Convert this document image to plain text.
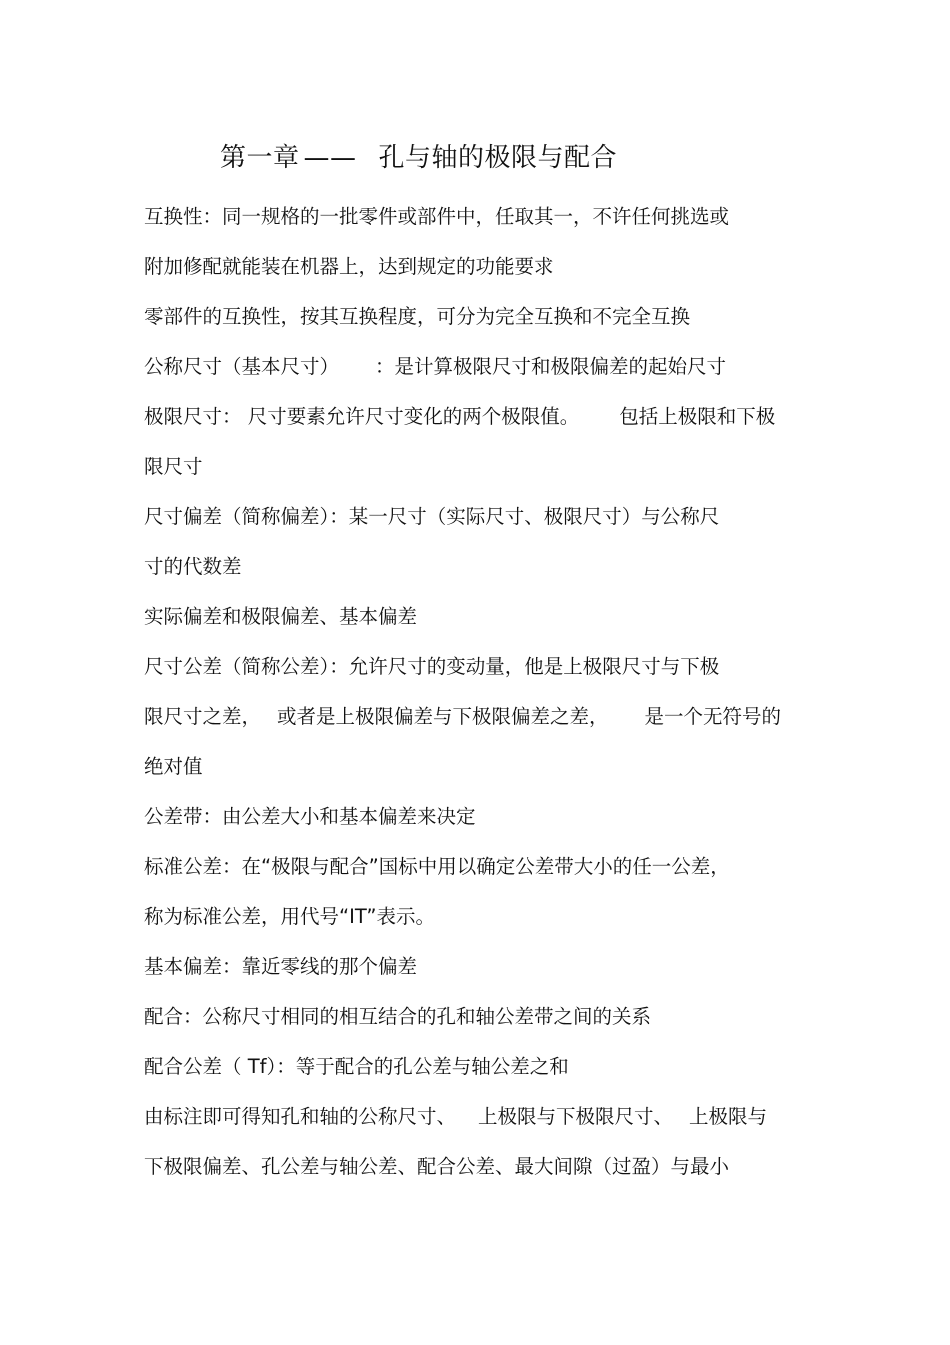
第一章 —— 孔与轴的极限与配合
互换性：同一规格的一批零件或部件中，任取其一，不许任何挑选或
附加修配就能装在机器上，达到规定的功能要求
零部件的互换性，按其互换程度，可分为完全互换和不完全互换
公称尺寸（基本尺寸） ：是计算极限尺寸和极限偏差的起始尺寸
极限尺寸： 尺寸要素允许尺寸变化的两个极限值。 包括上极限和下极
限尺寸
尺寸偏差（简称偏差）：某一尺寸（实际尺寸、极限尺寸）与公称尺
寸的代数差
实际偏差和极限偏差、基本偏差
尺寸公差（简称公差）：允许尺寸的变动量，他是上极限尺寸与下极
限尺寸之差， 或者是上极限偏差与下极限偏差之差， 是一个无符号的
绝对值
公差带：由公差大小和基本偏差来决定
标准公差：在“极限与配合”国标中用以确定公差带大小的任一公差，
称为标准公差，用代号“IT”表示。
基本偏差：靠近零线的那个偏差
配合：公称尺寸相同的相互结合的孔和轴公差带之间的关系
配合公差（ Tf）：等于配合的孔公差与轴公差之和
由标注即可得知孔和轴的公称尺寸、 上极限与下极限尺寸、 上极限与
下极限偏差、孔公差与轴公差、配合公差、最大间隙（过盈）与最小
